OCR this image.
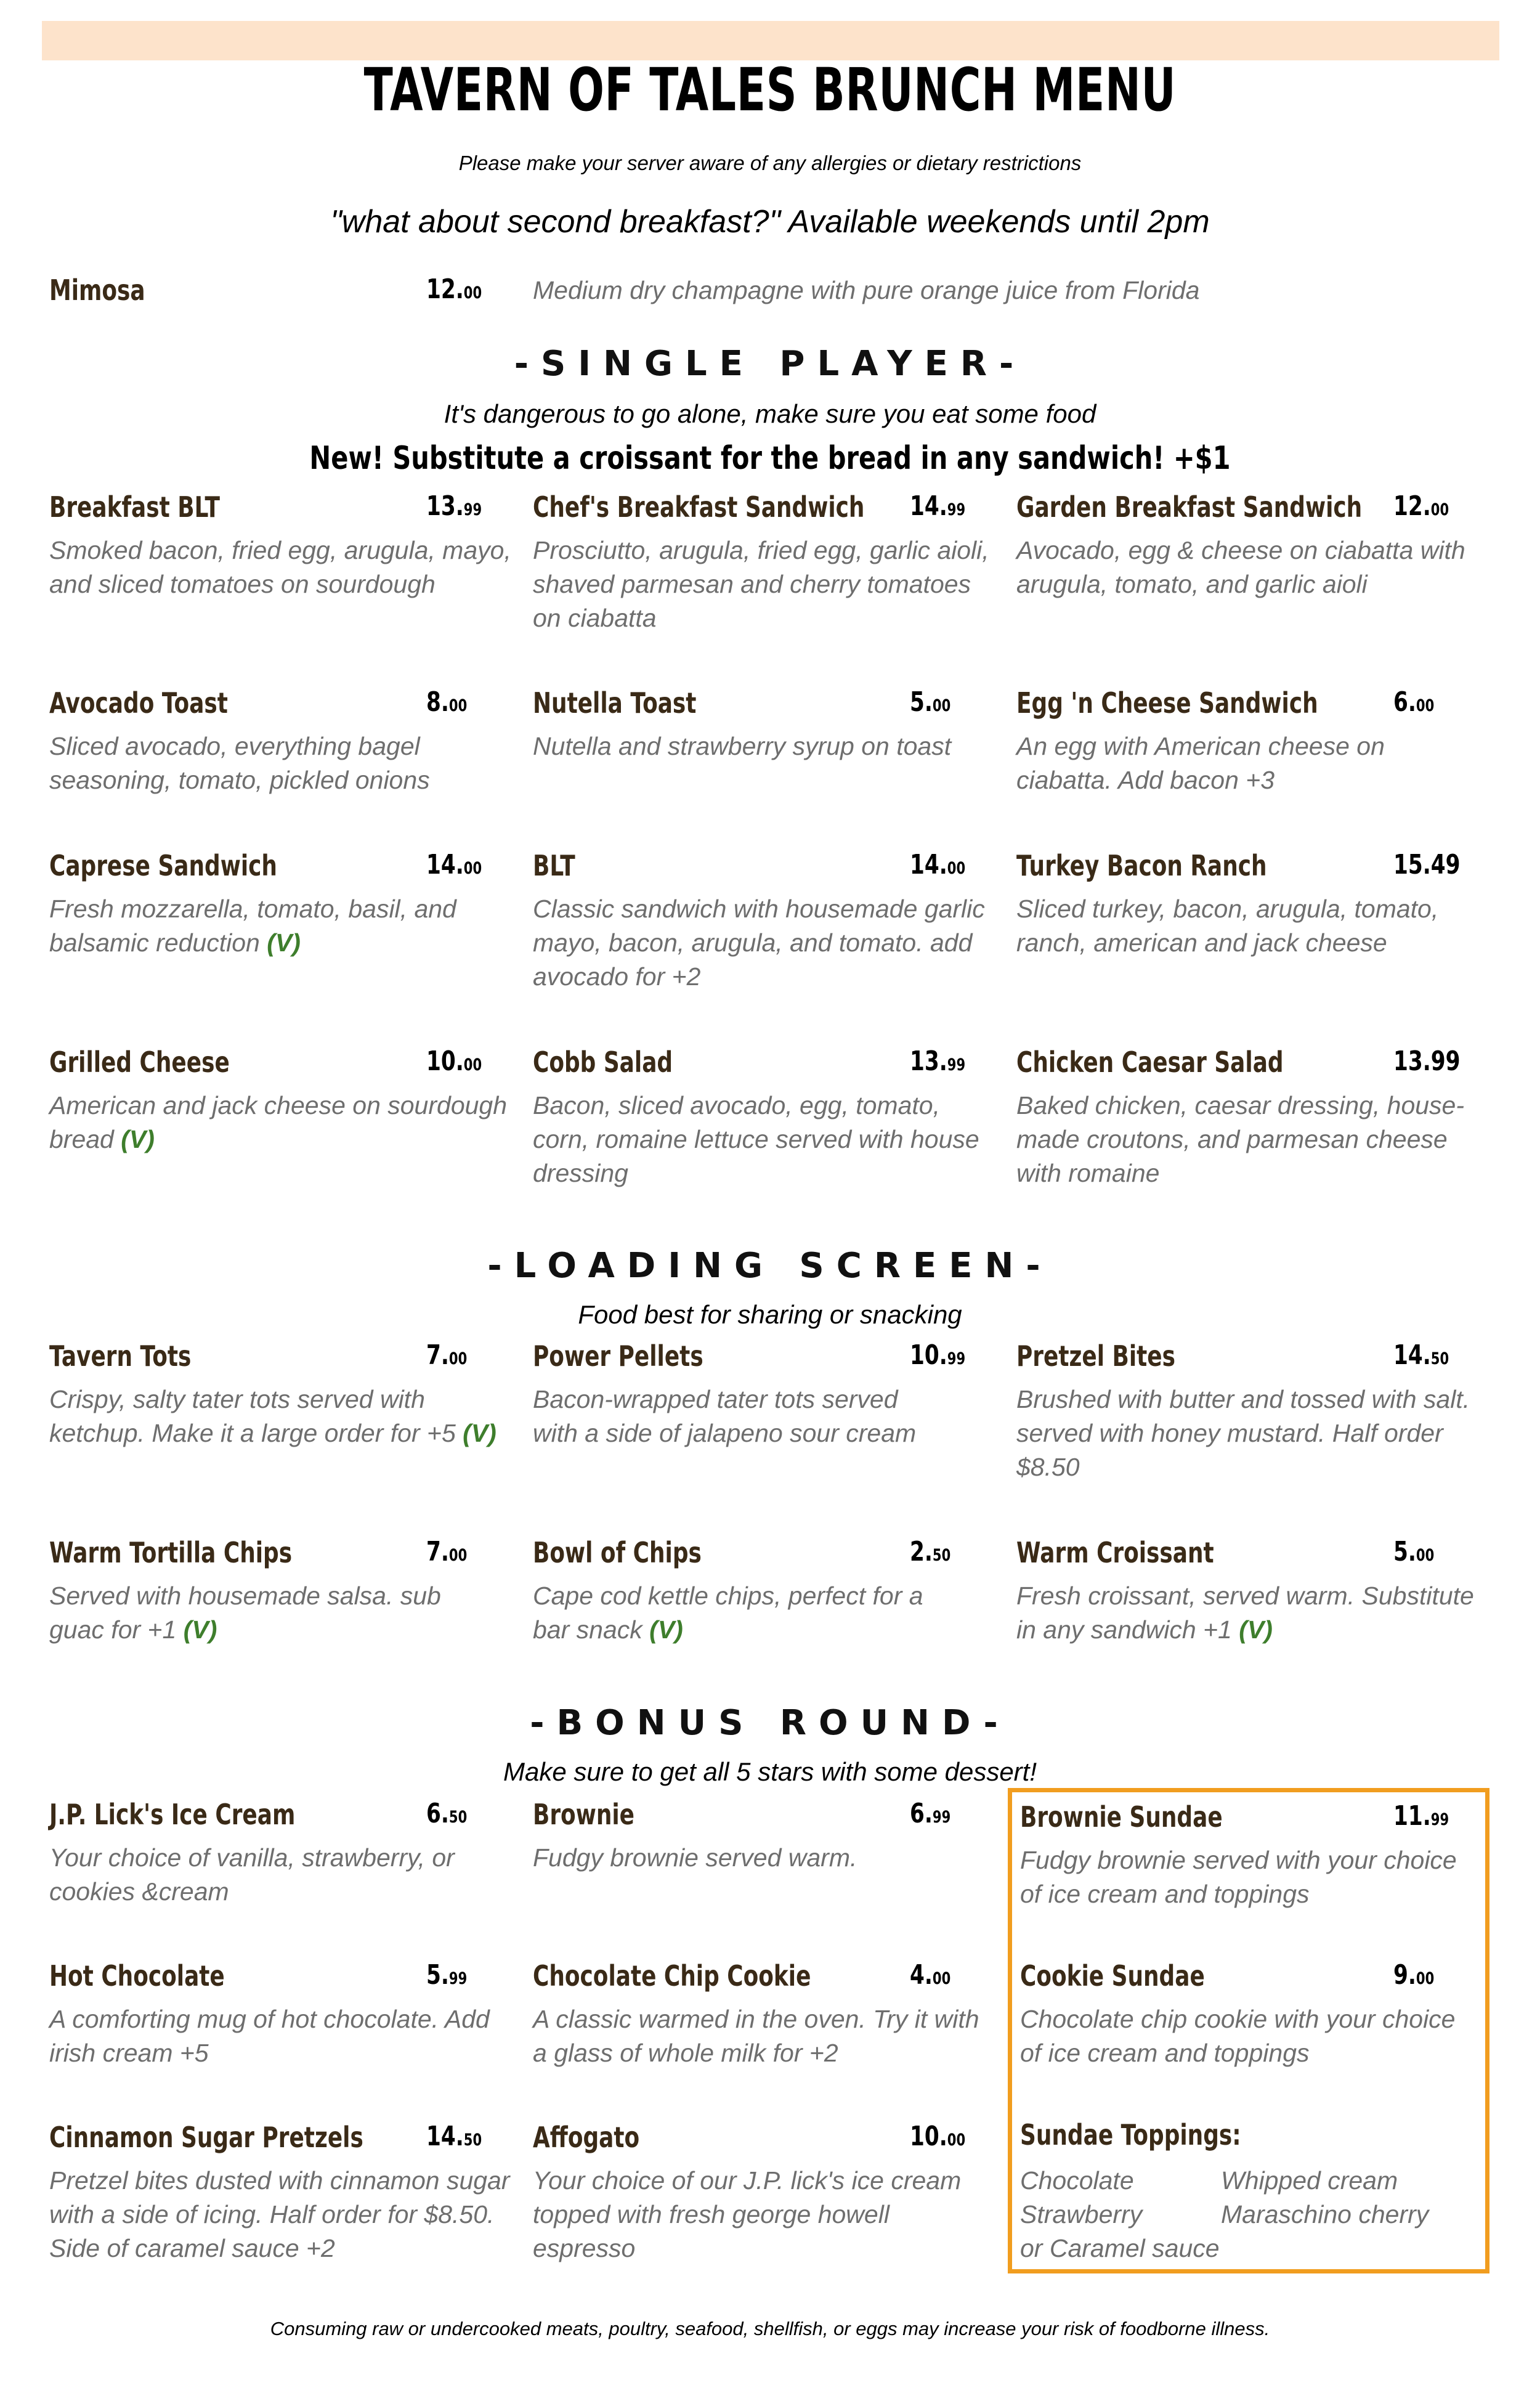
TAVERN OF TALES BRUNCH MENU
Please make your server aware of any allergies or dietary restrictions
"what about second breakfast?" Available weekends until 2pm
Mimosa	12.00 Medium dry champagne with pure orange juice from Florida
-SINGLE PLAYER-
It's dangerous to go alone, make sure you eat some food
New! Substitute a croissant for the bread in any sandwich! +$1
Breakfast BLT	13.99
Smoked bacon, fried egg, arugula, mayo, and sliced tomatoes on sourdough
Chef's Breakfast Sandwich 14.99
Prosciutto, arugula, fried egg, garlic aioli, shaved parmesan and cherry tomatoes on ciabatta
Garden Breakfast Sandwich 12.00
Avocado, egg & cheese on ciabatta with arugula, tomato, and garlic aioli
Avocado Toast	8.00
Sliced avocado, everything bagel seasoning, tomato, pickled onions
Nutella Toast	5.00
Nutella and strawberry syrup on toast
Egg 'n Cheese Sandwich	6.00
An egg with American cheese on ciabatta. Add bacon +3
Caprese Sandwich	14.00
Fresh mozzarella, tomato, basil, and balsamic reduction (V)
BLT	14.00
Classic sandwich with housemade garlic mayo, bacon, arugula, and tomato. add avocado for +2
Turkey Bacon Ranch	15.49
Sliced turkey, bacon, arugula, tomato, ranch, american and jack cheese
Grilled Cheese	10.00
American and jack cheese on sourdough bread (V)
Cobb Salad	13.99
Bacon, sliced avocado, egg, tomato, corn, romaine lettuce served with house dressing
Chicken Caesar Salad	13.99
Baked chicken, caesar dressing, house-made croutons, and parmesan cheese with romaine
-LOADING SCREEN-
Food best for sharing or snacking
Tavern Tots	7.00
Crispy, salty tater tots served with ketchup. Make it a large order for +5 (V)
Power Pellets	10.99
Bacon-wrapped tater tots served with a side of jalapeno sour cream
Pretzel Bites	14.50
Brushed with butter and tossed with salt. served with honey mustard. Half order $8.50
Warm Tortilla Chips	7.00
Served with housemade salsa. sub guac for +1 (V)
Bowl of Chips	2.50
Cape cod kettle chips, perfect for a bar snack (V)
Warm Croissant	5.00
Fresh croissant, served warm. Substitute in any sandwich +1 (V)
-BONUS ROUND-
Make sure to get all 5 stars with some dessert!
J.P. Lick's Ice Cream	6.50
Your choice of vanilla, strawberry, or cookies &cream
Brownie	6.99
Fudgy brownie served warm.
Brownie Sundae	11.99
Fudgy brownie served with your choice of ice cream and toppings
Hot Chocolate	5.99
A comforting mug of hot chocolate. Add irish cream +5
Chocolate Chip Cookie	4.00
A classic warmed in the oven. Try it with a glass of whole milk for +2
Cookie Sundae	9.00
Chocolate chip cookie with your choice of ice cream and toppings
Cinnamon Sugar Pretzels 14.50
Pretzel bites dusted with cinnamon sugar with a side of icing. Half order for $8.50. Side of caramel sauce +2
Affogato	10.00
Your choice of our J.P. lick's ice cream topped with fresh george howell espresso
Sundae Toppings:
Chocolate	Whipped cream
Strawberry	Maraschino cherry
or Caramel sauce
Consuming raw or undercooked meats, poultry, seafood, shellfish, or eggs may increase your risk of foodborne illness.
